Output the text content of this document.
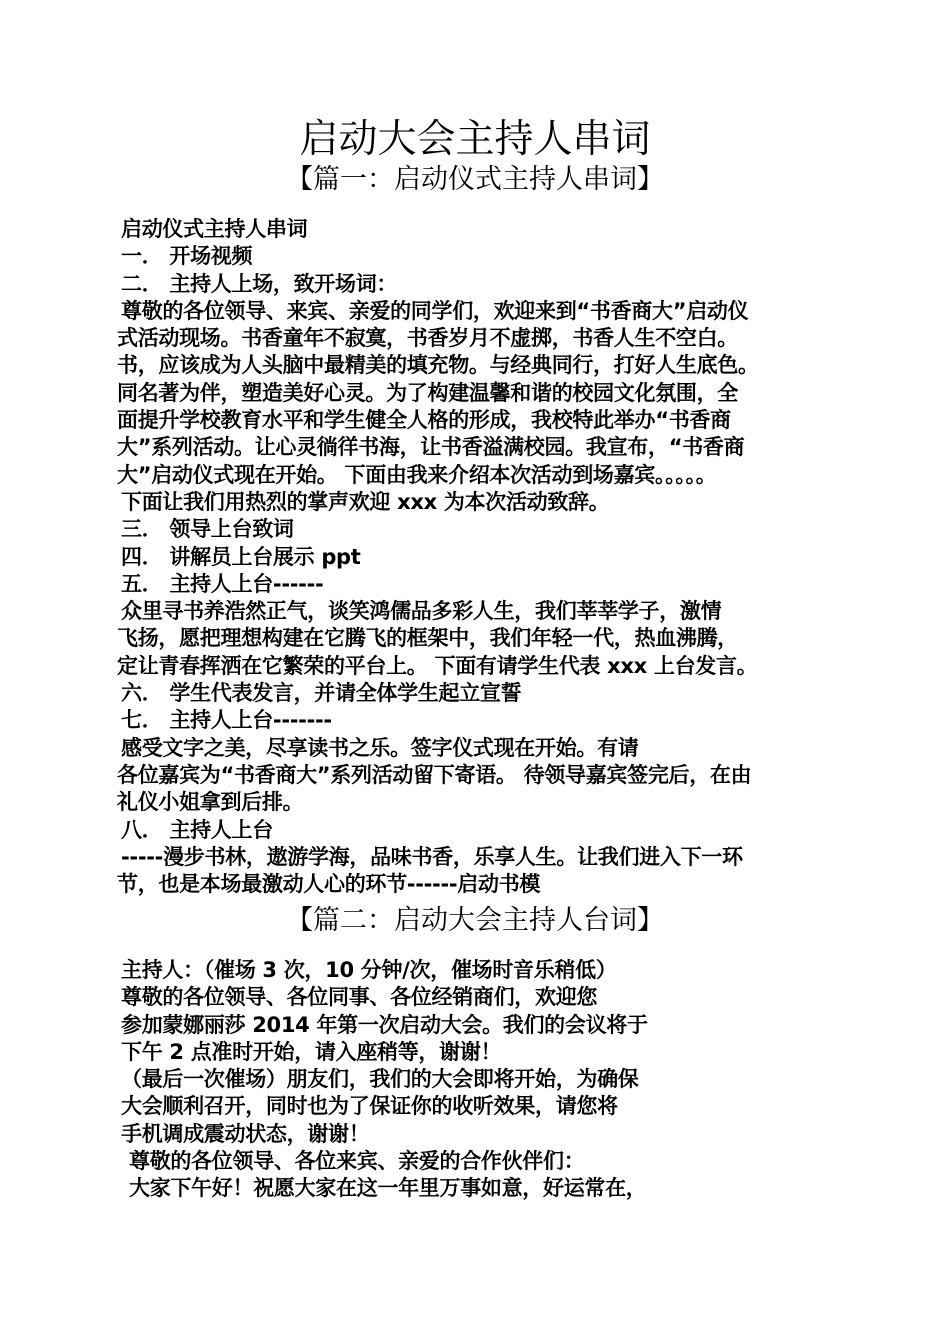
启动大会主持人串词
【篇一：启动仪式主持人串词】

启动仪式主持人串词

一． 开场视频

二． 主持人上场，致开场词：

尊敬的各位领导、来宾、亲爱的同学们，欢迎来到“书香商大”启动仪

式活动现场。书香童年不寂寞，书香岁月不虚掷，书香人生不空白。

书，应该成为人头脑中最精美的填充物。与经典同行，打好人生底色。

同名著为伴，塑造美好心灵。为了构建温馨和谐的校园文化氛围，全

面提升学校教育水平和学生健全人格的形成，我校特此举办“书香商

大”系列活动。让心灵徜徉书海，让书香溢满校园。我宣布，“书香商

大”启动仪式现在开始。 下面由我来介绍本次活动到场嘉宾。。。。。

下面让我们用热烈的掌声欢迎 xxx 为本次活动致辞。

三． 领导上台致词

四． 讲解员上台展示 ppt

五． 主持人上台------

众里寻书养浩然正气，谈笑鸿儒品多彩人生，我们莘莘学子，激情

飞扬，愿把理想构建在它腾飞的框架中，我们年轻一代，热血沸腾，

定让青春挥洒在它繁荣的平台上。 下面有请学生代表 xxx 上台发言。

六． 学生代表发言，并请全体学生起立宣誓

七． 主持人上台-------

感受文字之美，尽享读书之乐。签字仪式现在开始。有请

各位嘉宾为“书香商大”系列活动留下寄语。 待领导嘉宾签完后，在由

礼仪小姐拿到后排。

八． 主持人上台

-----漫步书林，遨游学海，品味书香，乐享人生。让我们进入下一环

节，也是本场最激动人心的环节------启动书模

【篇二：启动大会主持人台词】

主持人：（催场 3 次，10 分钟/次，催场时音乐稍低）

尊敬的各位领导、各位同事、各位经销商们，欢迎您

参加蒙娜丽莎 2014 年第一次启动大会。我们的会议将于

下午 2 点准时开始，请入座稍等，谢谢！

（最后一次催场）朋友们，我们的大会即将开始，为确保

大会顺利召开，同时也为了保证你的收听效果，请您将

手机调成震动状态，谢谢！

尊敬的各位领导、各位来宾、亲爱的合作伙伴们：

大家下午好！祝愿大家在这一年里万事如意，好运常在，
